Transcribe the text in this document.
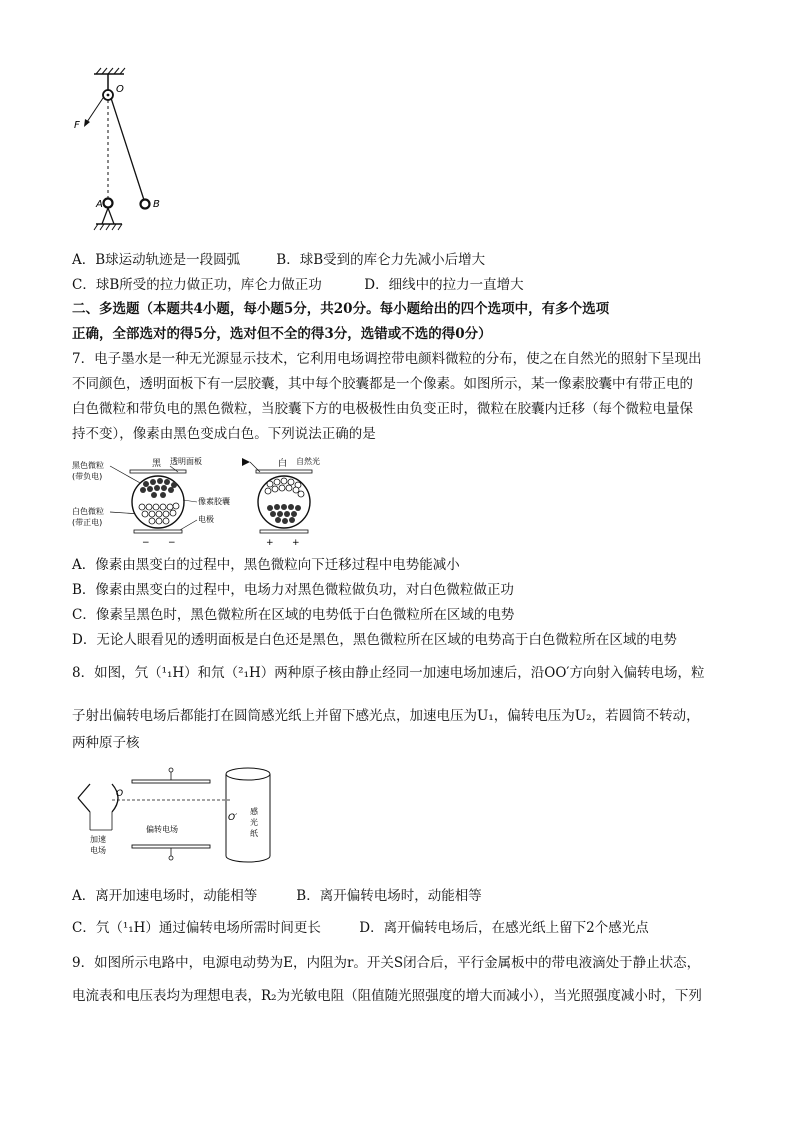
O
F
A	B
A．B球运动轨迹是一段圆弧	B．球B受到的库仑力先减小后增大
C．球B所受的拉力做正功，库仑力做正功	D．细线中的拉力一直增大
二、多选题（本题共4小题，每小题5分，共20分。每小题给出的四个选项中，有多个选项
正确，全部选对的得5分，选对但不全的得3分，选错或不选的得0分）
7．电子墨水是一种无光源显示技术，它利用电场调控带电颜料微粒的分布，使之在自然光的照射下呈现出
不同颜色，透明面板下有一层胶囊，其中每个胶囊都是一个像素。如图所示，某一像素胶囊中有带正电的
白色微粒和带负电的黑色微粒，当胶囊下方的电极极性由负变正时，微粒在胶囊内迁移（每个微粒电量保
持不变），像素由黑色变成白色。下列说法正确的是
黑色微粒
(带负电)
白色微粒
(带正电)
黑 透明面板
像素胶囊
电极
− −
白 自然光
+ +
A．像素由黑变白的过程中，黑色微粒向下迁移过程中电势能减小
B．像素由黑变白的过程中，电场力对黑色微粒做负功，对白色微粒做正功
C．像素呈黑色时，黑色微粒所在区域的电势低于白色微粒所在区域的电势
D．无论人眼看见的透明面板是白色还是黑色，黑色微粒所在区域的电势高于白色微粒所在区域的电势
8．如图，氕（¹₁H）和氘（²₁H）两种原子核由静止经同一加速电场加速后，沿OO′方向射入偏转电场，粒
子射出偏转电场后都能打在圆筒感光纸上并留下感光点，加速电压为U₁，偏转电压为U₂，若圆筒不转动，
两种原子核
加速
电场
O
偏转电场
O′
感
光
纸
A．离开加速电场时，动能相等	B．离开偏转电场时，动能相等
C．氕（¹₁H）通过偏转电场所需时间更长	D．离开偏转电场后，在感光纸上留下2个感光点
9．如图所示电路中，电源电动势为E，内阻为r。开关S闭合后，平行金属板中的带电液滴处于静止状态，
电流表和电压表均为理想电表，R₂为光敏电阻（阻值随光照强度的增大而减小），当光照强度减小时，下列
